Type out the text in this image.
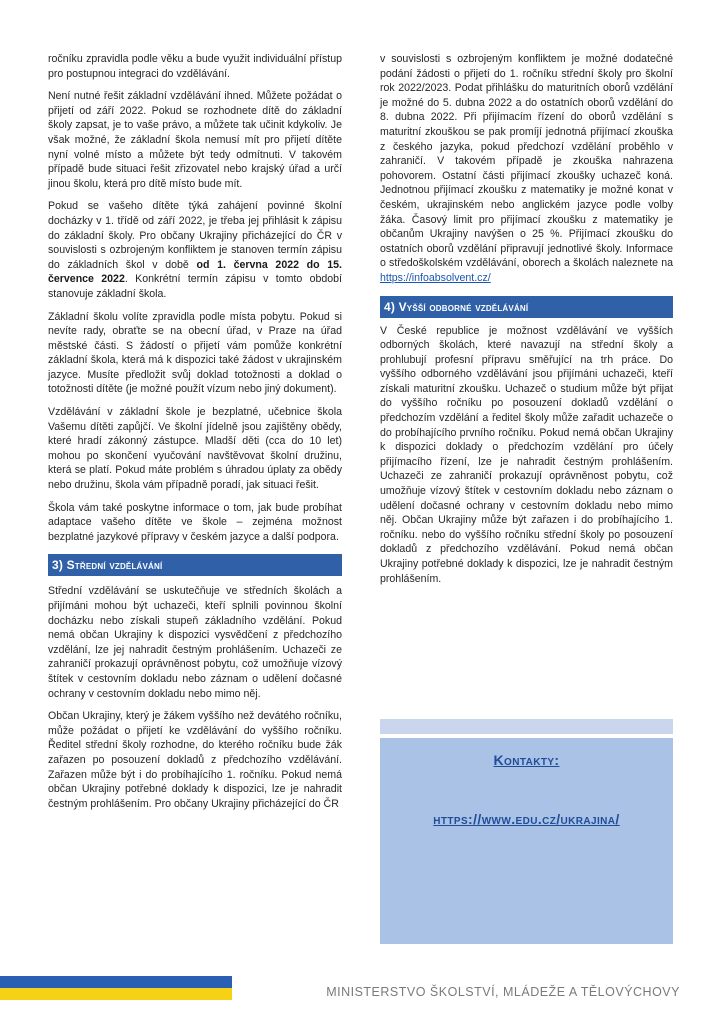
ročníku zpravidla podle věku a bude využit individuální přístup pro postupnou integraci do vzdělávání.

Není nutné řešit základní vzdělávání ihned. Můžete požádat o přijetí od září 2022. Pokud se rozhodnete dítě do základní školy zapsat, je to vaše právo, a můžete tak učinit kdykoliv. Je však možné, že základní škola nemusí mít pro přijetí dítěte nyní volné místo a můžete být tedy odmítnuti. V takovém případě bude situaci řešit zřizovatel nebo krajský úřad a určí jinou školu, která pro dítě místo bude mít.

Pokud se vašeho dítěte týká zahájení povinné školní docházky v 1. třídě od září 2022, je třeba jej přihlásit k zápisu do základní školy. Pro občany Ukrajiny přicházející do ČR v souvislosti s ozbrojeným konfliktem je stanoven termín zápisu do základních škol v době od 1. června 2022 do 15. července 2022. Konkrétní termín zápisu v tomto období stanovuje základní škola.

Základní školu volíte zpravidla podle místa pobytu. Pokud si nevíte rady, obraťte se na obecní úřad, v Praze na úřad městské části. S žádostí o přijetí vám pomůže konkrétní základní škola, která má k dispozici také žádost v ukrajinském jazyce. Musíte předložit svůj doklad totožnosti a doklad o totožnosti dítěte (je možné použít vízum nebo jiný dokument).

Vzdělávání v základní škole je bezplatné, učebnice škola Vašemu dítěti zapůjčí. Ve školní jídelně jsou zajištěny obědy, které hradí zákonný zástupce. Mladší děti (cca do 10 let) mohou po skončení vyučování navštěvovat školní družinu, která se platí. Pokud máte problém s úhradou úplaty za obědy nebo družinu, škola vám případně poradí, jak situaci řešit.

Škola vám také poskytne informace o tom, jak bude probíhat adaptace vašeho dítěte ve škole – zejména možnost bezplatné jazykové přípravy v českém jazyce a další podpora.

3) Střední vzdělávání

Střední vzdělávání se uskutečňuje ve středních školách a přijímáni mohou být uchazeči, kteří splnili povinnou školní docházku nebo získali stupeň základního vzdělání. Pokud nemá občan Ukrajiny k dispozici vysvědčení z předchozího vzdělání, lze jej nahradit čestným prohlášením. Uchazeči ze zahraničí prokazují oprávněnost pobytu, což umožňuje vízový štítek v cestovním dokladu nebo záznam o udělení dočasné ochrany v cestovním dokladu nebo mimo něj.

Občan Ukrajiny, který je žákem vyššího než devátého ročníku, může požádat o přijetí ke vzdělávání do vyššího ročníku. Ředitel střední školy rozhodne, do kterého ročníku bude žák zařazen po posouzení dokladů z předchozího vzdělávání. Zařazen může být i do probíhajícího 1. ročníku. Pokud nemá občan Ukrajiny potřebné doklady k dispozici, lze je nahradit čestným prohlášením. Pro občany Ukrajiny přicházející do ČR

v souvislosti s ozbrojeným konfliktem je možné dodatečné podání žádosti o přijetí do 1. ročníku střední školy pro školní rok 2022/2023. Podat přihlášku do maturitních oborů vzdělání je možné do 5. dubna 2022 a do ostatních oborů vzdělání do 8. dubna 2022. Při přijímacím řízení do oborů vzdělání s maturitní zkouškou se pak promíjí jednotná přijímací zkouška z českého jazyka, pokud předchozí vzdělání proběhlo v zahraničí. V takovém případě je zkouška nahrazena pohovorem. Ostatní části přijímací zkoušky uchazeč koná. Jednotnou přijímací zkoušku z matematiky je možné konat v českém, ukrajinském nebo anglickém jazyce podle volby žáka. Časový limit pro přijímací zkoušku z matematiky je občanům Ukrajiny navýšen o 25 %. Přijímací zkoušku do ostatních oborů vzdělání připravují jednotlivé školy. Informace o středoškolském vzdělávání, oborech a školách naleznete na https://infoabsolvent.cz/

4) Vyšší odborné vzdělávání

V České republice je možnost vzdělávání ve vyšších odborných školách, které navazují na střední školy a prohlubují profesní přípravu směřující na trh práce. Do vyššího odborného vzdělávání jsou přijímáni uchazeči, kteří získali maturitní zkoušku. Uchazeč o studium může být přijat do vyššího ročníku po posouzení dokladů vzdělání o předchozím vzdělání a ředitel školy může zařadit uchazeče o do probíhajícího prvního ročníku. Pokud nemá občan Ukrajiny k dispozici doklady o předchozím vzdělání pro účely přijímacího řízení, lze je nahradit čestným prohlášením. Uchazeči ze zahraničí prokazují oprávněnost pobytu, což umožňuje vízový štítek v cestovním dokladu nebo záznam o udělení dočasné ochrany v cestovním dokladu nebo mimo něj. Občan Ukrajiny může být zařazen i do probíhajícího 1. ročníku. nebo do vyššího ročníku střední školy po posouzení dokladů z předchozího vzdělávání. Pokud nemá občan Ukrajiny potřebné doklady k dispozici, lze je nahradit čestným prohlášením.

Kontakty:
https://www.edu.cz/ukrajina/
MINISTERSTVO ŠKOLSTVÍ, MLÁDEŽE A TĚLOVÝCHOVY
